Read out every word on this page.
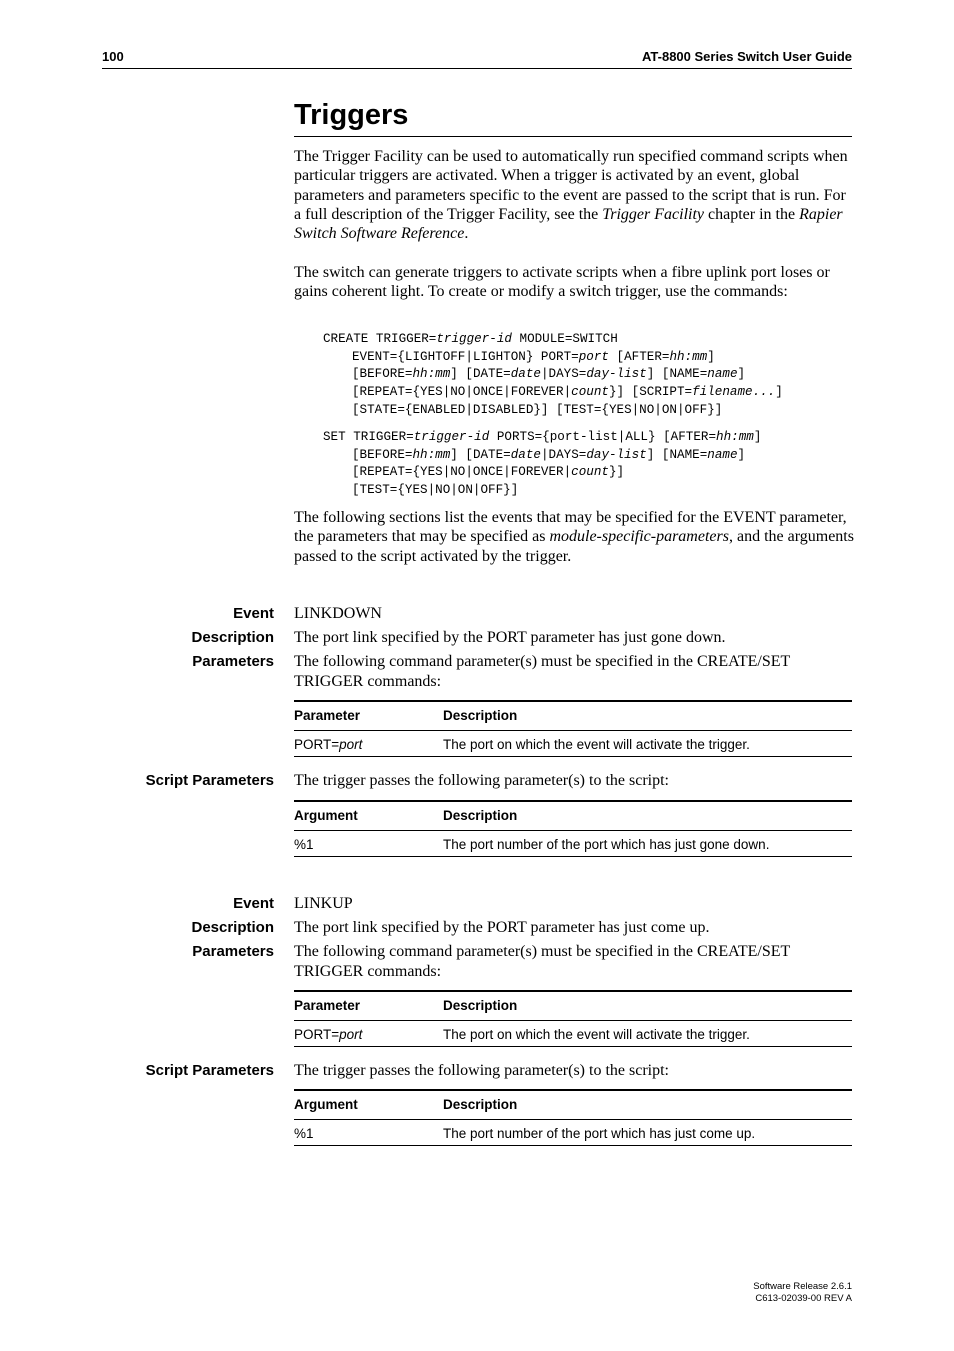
100	AT-8800 Series Switch User Guide
Triggers
The Trigger Facility can be used to automatically run specified command scripts when particular triggers are activated. When a trigger is activated by an event, global parameters and parameters specific to the event are passed to the script that is run. For a full description of the Trigger Facility, see the Trigger Facility chapter in the Rapier Switch Software Reference.
The switch can generate triggers to activate scripts when a fibre uplink port loses or gains coherent light. To create or modify a switch trigger, use the commands:
CREATE TRIGGER=trigger-id MODULE=SWITCH
EVENT={LIGHTOFF|LIGHTON} PORT=port [AFTER=hh:mm]
[BEFORE=hh:mm] [DATE=date|DAYS=day-list] [NAME=name]
[REPEAT={YES|NO|ONCE|FOREVER|count}] [SCRIPT=filename...]
[STATE={ENABLED|DISABLED}] [TEST={YES|NO|ON|OFF}]
SET TRIGGER=trigger-id PORTS={port-list|ALL} [AFTER=hh:mm]
[BEFORE=hh:mm] [DATE=date|DAYS=day-list] [NAME=name]
[REPEAT={YES|NO|ONCE|FOREVER|count}]
[TEST={YES|NO|ON|OFF}]
The following sections list the events that may be specified for the EVENT parameter, the parameters that may be specified as module-specific-parameters, and the arguments passed to the script activated by the trigger.
Event LINKDOWN
Description The port link specified by the PORT parameter has just gone down.
Parameters The following command parameter(s) must be specified in the CREATE/SET TRIGGER commands:
Parameter	Description
PORT=port	The port on which the event will activate the trigger.
Script Parameters The trigger passes the following parameter(s) to the script:
Argument	Description
%1	The port number of the port which has just gone down.
Event LINKUP
Description The port link specified by the PORT parameter has just come up.
Parameters The following command parameter(s) must be specified in the CREATE/SET TRIGGER commands:
Parameter	Description
PORT=port	The port on which the event will activate the trigger.
Script Parameters The trigger passes the following parameter(s) to the script:
Argument	Description
%1	The port number of the port which has just come up.
Software Release 2.6.1
C613-02039-00 REV A
